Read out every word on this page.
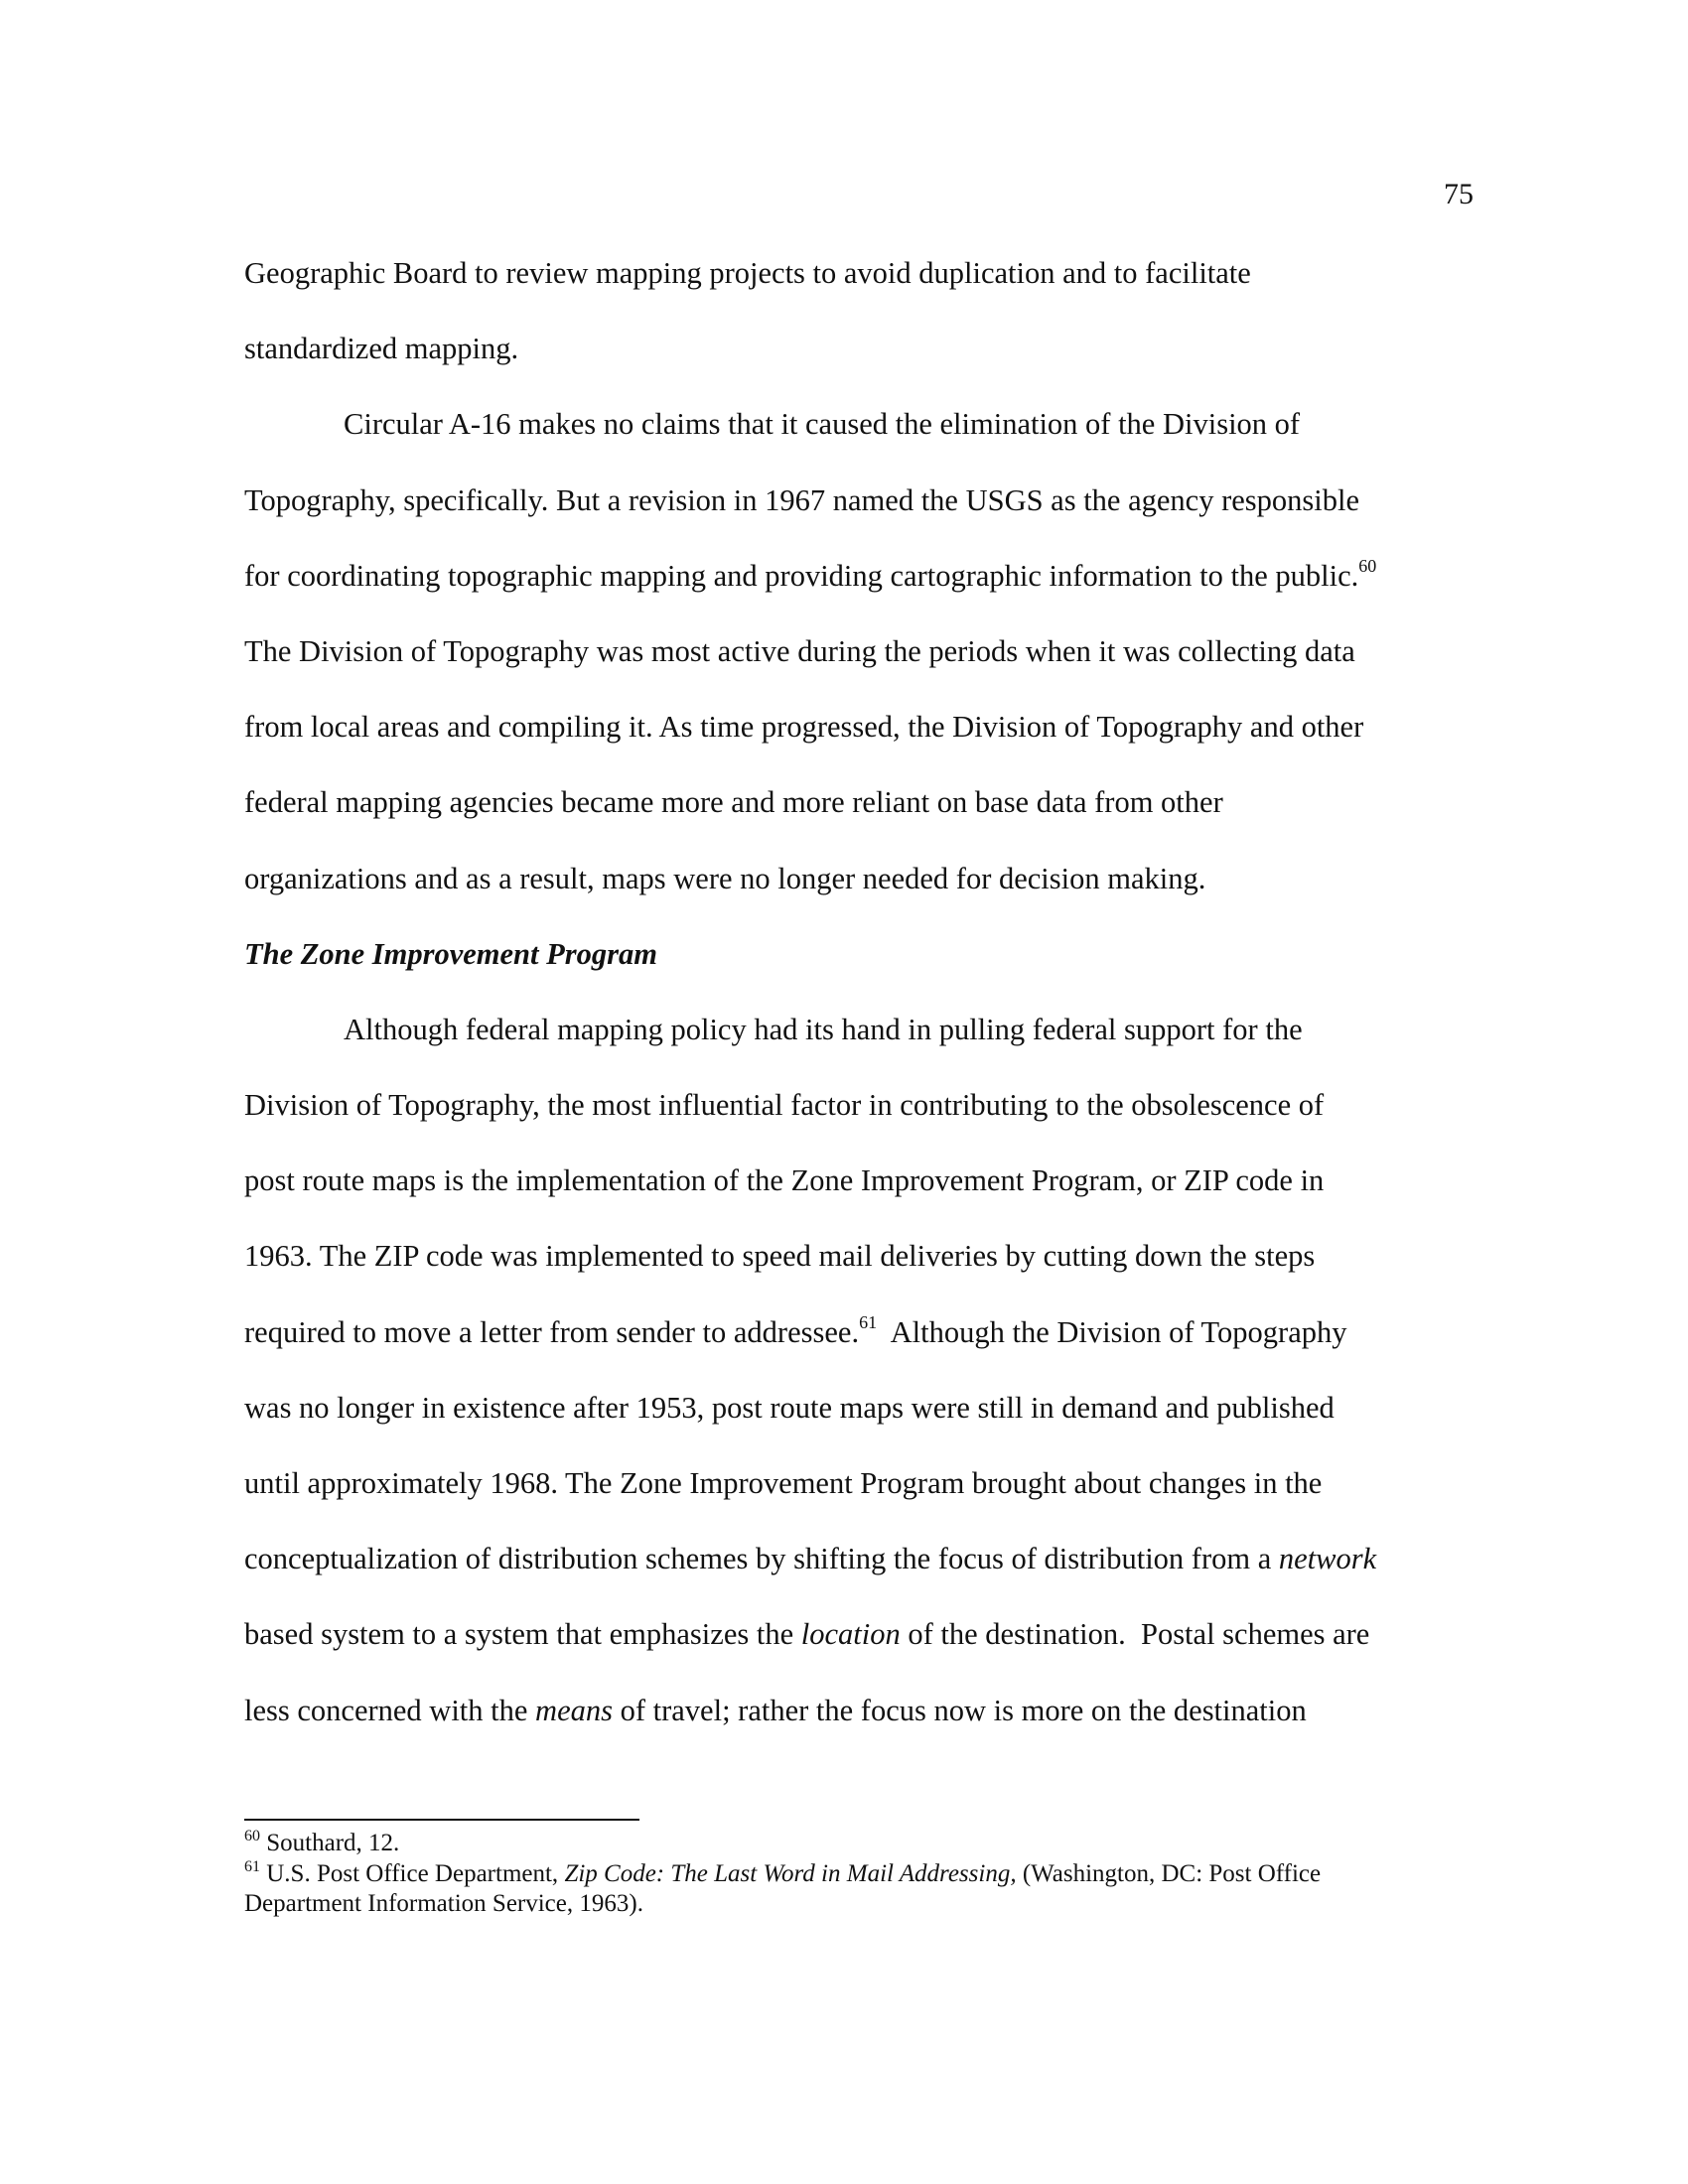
75
Geographic Board to review mapping projects to avoid duplication and to facilitate
standardized mapping.
Circular A-16 makes no claims that it caused the elimination of the Division of
Topography, specifically. But a revision in 1967 named the USGS as the agency responsible
for coordinating topographic mapping and providing cartographic information to the public.$^{60}$
The Division of Topography was most active during the periods when it was collecting data
from local areas and compiling it. As time progressed, the Division of Topography and other
federal mapping agencies became more and more reliant on base data from other
organizations and as a result, maps were no longer needed for decision making.
The Zone Improvement Program
Although federal mapping policy had its hand in pulling federal support for the
Division of Topography, the most influential factor in contributing to the obsolescence of
post route maps is the implementation of the Zone Improvement Program, or ZIP code in
1963. The ZIP code was implemented to speed mail deliveries by cutting down the steps
required to move a letter from sender to addressee.$^{61}$  Although the Division of Topography
was no longer in existence after 1953, post route maps were still in demand and published
until approximately 1968. The Zone Improvement Program brought about changes in the
conceptualization of distribution schemes by shifting the focus of distribution from a network
based system to a system that emphasizes the location of the destination.  Postal schemes are
less concerned with the means of travel; rather the focus now is more on the destination
$^{60}$ Southard, 12.
$^{61}$ U.S. Post Office Department, Zip Code: The Last Word in Mail Addressing, (Washington, DC: Post Office
Department Information Service, 1963).
